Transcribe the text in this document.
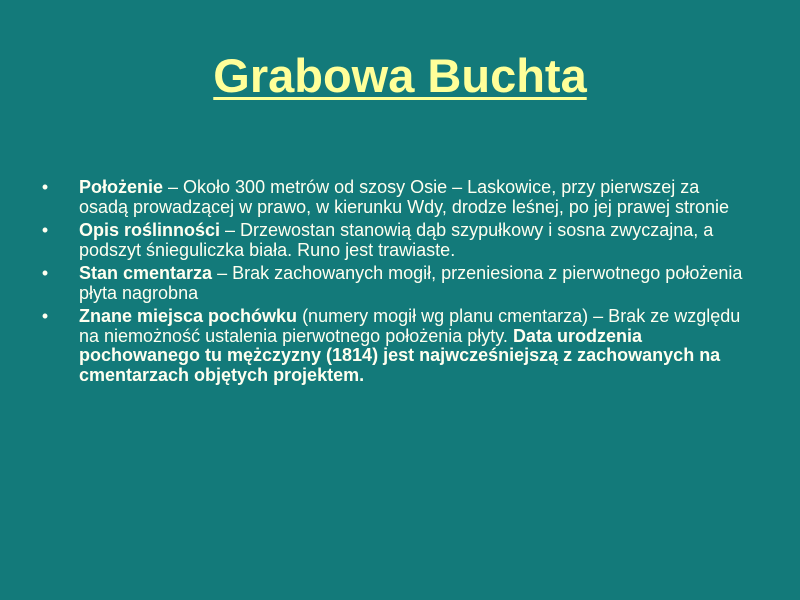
Grabowa Buchta
• Położenie – Około 300 metrów od szosy Osie – Laskowice, przy pierwszej za osadą prowadzącej w prawo, w kierunku Wdy, drodze leśnej, po jej prawej stronie
• Opis roślinności – Drzewostan stanowią dąb szypułkowy i sosna zwyczajna, a podszyt śnieguliczka biała. Runo jest trawiaste.
• Stan cmentarza – Brak zachowanych mogił, przeniesiona z pierwotnego położenia płyta nagrobna
• Znane miejsca pochówku (numery mogił wg planu cmentarza) – Brak ze względu na niemożność ustalenia pierwotnego położenia płyty. Data urodzenia pochowanego tu mężczyzny (1814) jest najwcześniejszą z zachowanych na cmentarzach objętych projektem.
